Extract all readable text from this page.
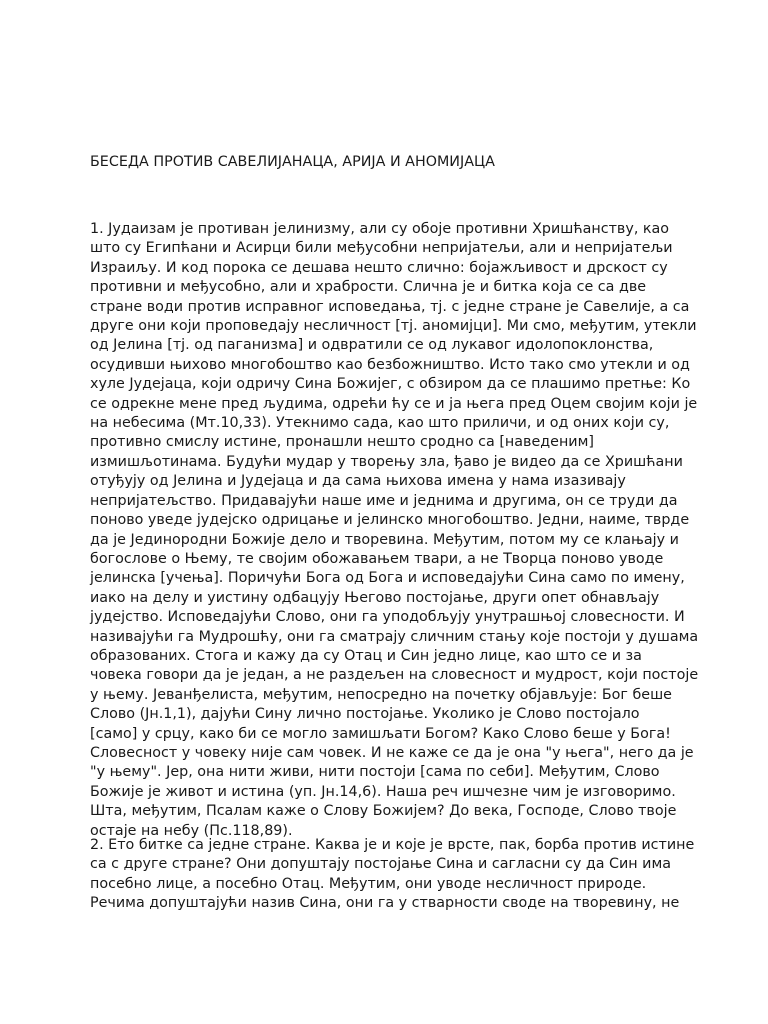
БЕСЕДА ПРОТИВ САВЕЛИЈАНАЦА, АРИЈА И АНОМИЈАЦА

1. Јудаизам је противан јелинизму, али су обоје противни Хришћанству, као
што су Египћани и Асирци били међусобни непријатељи, али и непријатељи
Израиљу. И код порока се дешава нешто слично: бојажљивост и дрскост су
противни и међусобно, али и храбрости. Слична је и битка која се са две
стране води против исправног исповедања, тј. с једне стране је Савелије, а са
друге они који проповедају несличност [тј. аномијци]. Ми смо, међутим, утекли
од Јелина [тј. од паганизма] и одвратили се од лукавог идолопоклонства,
осудивши њихово многобоштво као безбожништво. Исто тако смо утекли и од
хуле Јудејаца, који одричу Сина Божијег, с обзиром да се плашимо претње: Ко
се одрекне мене пред људима, одрећи ћу се и ја њега пред Оцем својим који је
на небесима (Мт.10,33). Утекнимо сада, као што приличи, и од оних који су,
противно смислу истине, пронашли нешто сродно са [наведеним]
измишљотинама. Будући мудар у творењу зла, ђаво је видео да се Хришћани
отуђују од Јелина и Јудејаца и да сама њихова имена у нама изазивају
непријатељство. Придавајући наше име и једнима и другима, он се труди да
поново уведе јудејско одрицање и јелинско многобоштво. Једни, наиме, тврде
да је Јединородни Божије дело и творевина. Међутим, потом му се клањају и
богослове о Њему, те својим обожавањем твари, а не Творца поново уводе
јелинска [учења]. Поричући Бога од Бога и исповедајући Сина само по имену,
иако на делу и уистину одбацују Његово постојање, други опет обнављају
јудејство. Исповедајући Слово, они га уподобљују унутрашњој словесности. И
називајући га Мудрошћу, они га сматрају сличним стању које постоји у душама
образованих. Стога и кажу да су Отац и Син једно лице, као што се и за
човека говори да је један, а не раздељен на словесност и мудрост, који постоје
у њему. Јеванђелиста, међутим, непосредно на почетку објављује: Бог беше
Слово (Јн.1,1), дајући Сину лично постојање. Уколико је Слово постојало
[само] у срцу, како би се могло замишљати Богом? Како Слово беше у Бога!
Словесност у човеку није сам човек. И не каже се да је она "у њега", него да је
"у њему". Јер, она нити живи, нити постоји [сама по себи]. Међутим, Слово
Божије је живот и истина (уп. Јн.14,6). Наша реч ишчезне чим је изговоримо.
Шта, међутим, Псалам каже о Слову Божијем? До века, Господе, Слово твоје
остаје на небу (Пс.118,89).

2. Ето битке са једне стране. Каква је и које је врсте, пак, борба против истине
са с друге стране? Они допуштају постојање Сина и сагласни су да Син има
посебно лице, а посебно Отац. Међутим, они уводе несличност природе.
Речима допуштајући назив Сина, они га у стварности своде на творевину, не
